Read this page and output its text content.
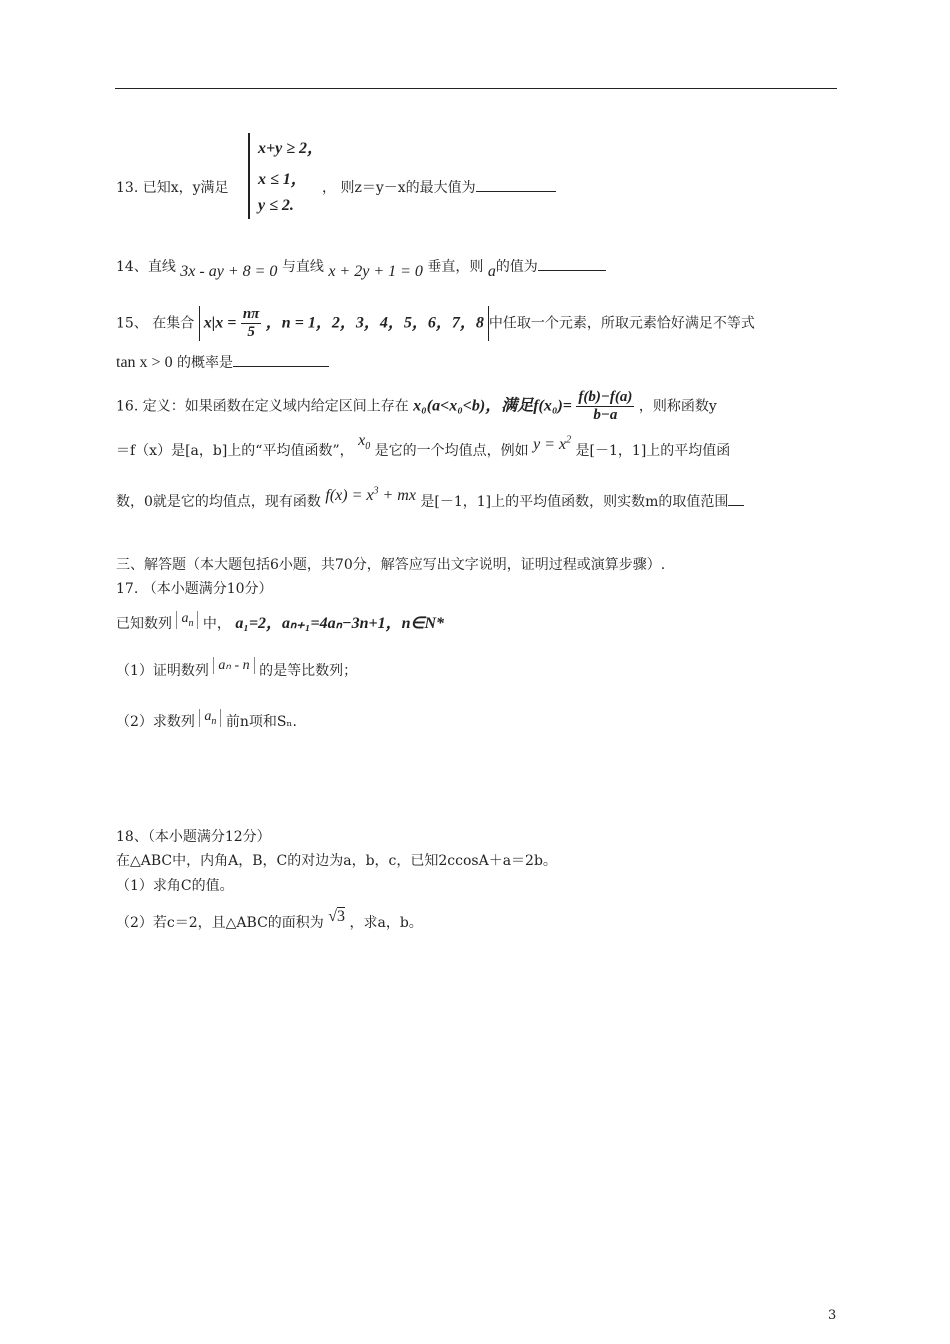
13. 已知x，y满足
x+y ≥ 2，
x ≤ 1，
y ≤ 2.
， 则z＝y－x的最大值为
14、直线 3x - ay + 8 = 0 与直线 x + 2y + 1 = 0 垂直，则 a的值为
15、 在集合 $x|x = \frac{n\pi}{5}$ ，n = 1，2，3，4，5，6，7，8 中任取一个元素，所取元素恰好满足不等式
tan x > 0 的概率是
16. 定义：如果函数在定义域内给定区间上存在 x₀(a<x₀<b)，满足$f(x_0)= \frac{f(b)-f(a)}{b-a}$ ，则称函数y
＝f（x）是[a，b]上的“平均值函数”， $x_0$ 是它的一个均值点，例如 $y = x^2$ 是[－1，1]上的平均值函
数，0就是它的均值点，现有函数 $f(x) = x^3$ + mx 是[－1，1]上的平均值函数，则实数m的取值范围
三、解答题（本大题包括6小题，共70分，解答应写出文字说明，证明过程或演算步骤）.
17. （本小题满分10分）
已知数列 $a_n$ 中， a₁=2，aₙ₊₁=4aₙ−3n+1，n∈N*
（1）证明数列 aₙ - n 的是等比数列；
（2）求数列 $a_n$ 前n项和Sₙ.
18、（本小题满分12分）
在△ABC中，内角A，B，C的对边为a，b，c，已知2ccosA＋a＝2b。
（1）求角C的值。
（2）若c＝2，且△ABC的面积为 √3 ，求a，b。
3
